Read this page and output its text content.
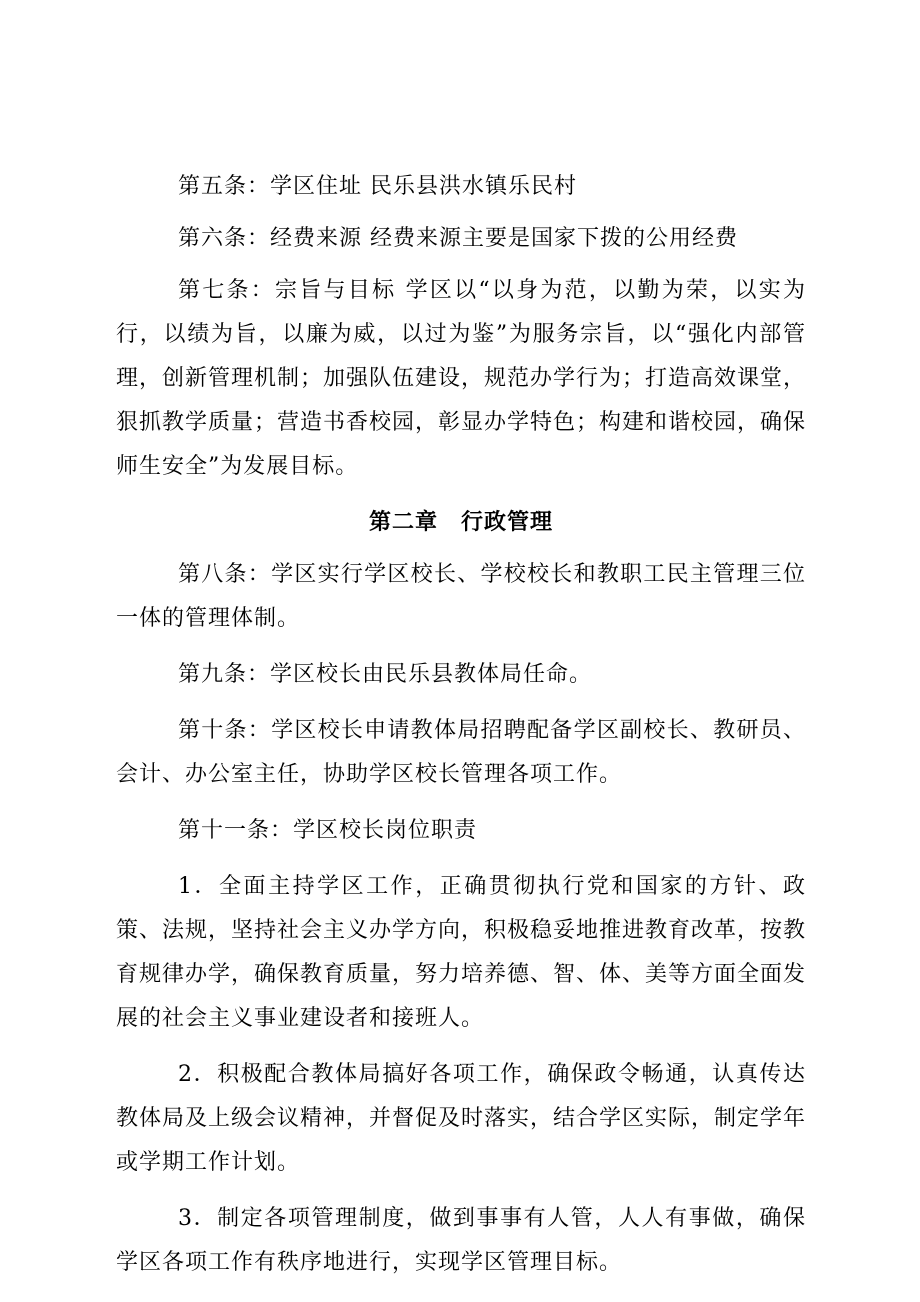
第五条：学区住址 民乐县洪水镇乐民村

第六条：经费来源 经费来源主要是国家下拨的公用经费

第七条：宗旨与目标 学区以“以身为范，以勤为荣，以实为行，以绩为旨，以廉为威，以过为鉴”为服务宗旨，以“强化内部管理，创新管理机制；加强队伍建设，规范办学行为；打造高效课堂，狠抓教学质量；营造书香校园，彰显办学特色；构建和谐校园，确保师生安全”为发展目标。

第二章　行政管理

第八条：学区实行学区校长、学校校长和教职工民主管理三位一体的管理体制。

第九条：学区校长由民乐县教体局任命。

第十条：学区校长申请教体局招聘配备学区副校长、教研员、会计、办公室主任，协助学区校长管理各项工作。

第十一条：学区校长岗位职责

1．全面主持学区工作，正确贯彻执行党和国家的方针、政策、法规，坚持社会主义办学方向，积极稳妥地推进教育改革，按教育规律办学，确保教育质量，努力培养德、智、体、美等方面全面发展的社会主义事业建设者和接班人。

2．积极配合教体局搞好各项工作，确保政令畅通，认真传达教体局及上级会议精神，并督促及时落实，结合学区实际，制定学年或学期工作计划。

3．制定各项管理制度，做到事事有人管，人人有事做，确保学区各项工作有秩序地进行，实现学区管理目标。
